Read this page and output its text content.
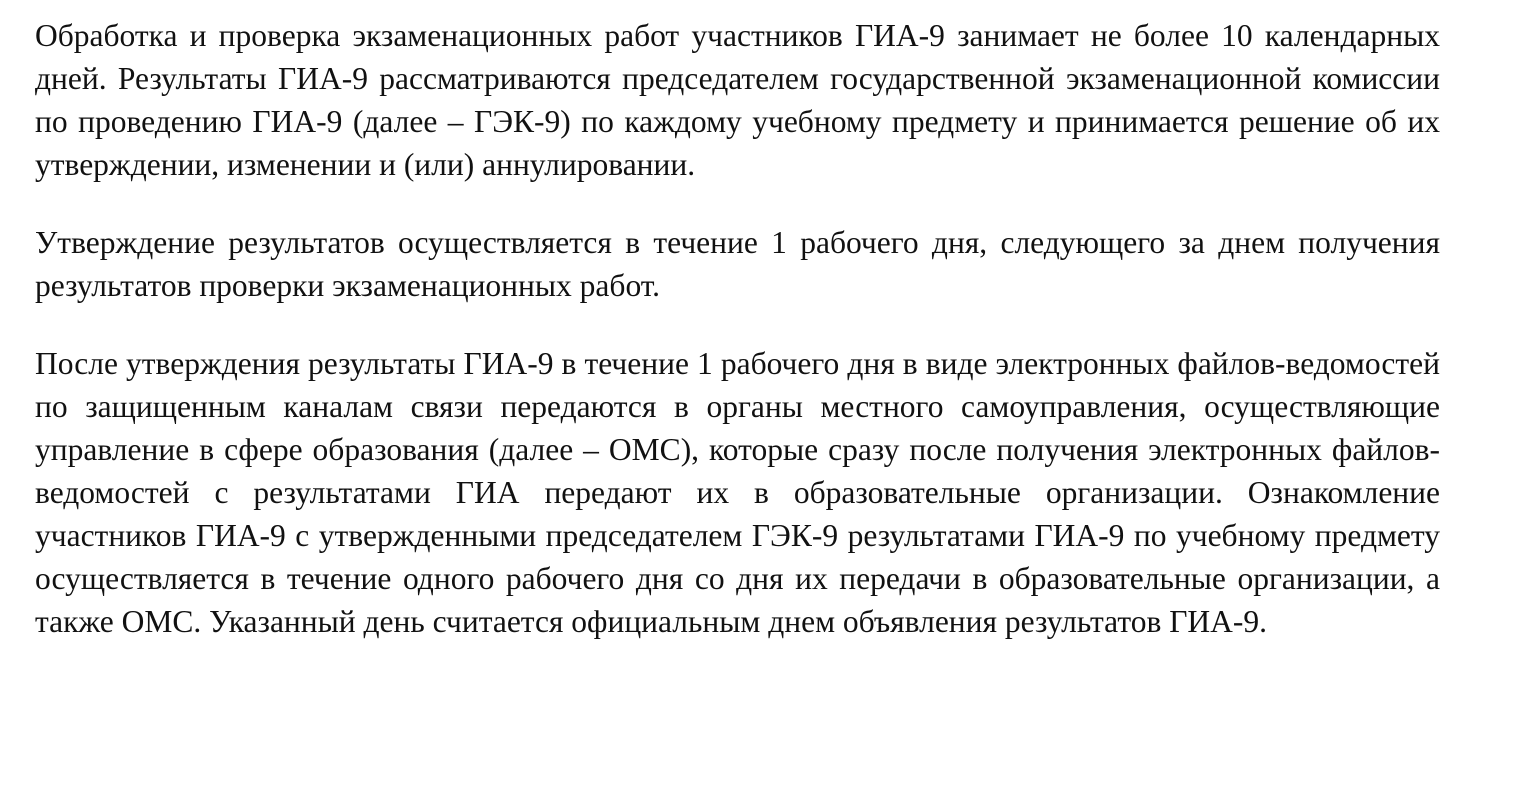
Обработка и проверка экзаменационных работ участников ГИА-9 занимает не более 10 календарных дней. Результаты ГИА-9 рассматриваются председателем государственной экзаменационной комиссии по проведению ГИА-9 (далее – ГЭК-9) по каждому учебному предмету и принимается решение об их утверждении, изменении и (или) аннулировании.

Утверждение результатов осуществляется в течение 1 рабочего дня, следующего за днем получения результатов проверки экзаменационных работ.

После утверждения результаты ГИА-9 в течение 1 рабочего дня в виде электронных файлов-ведомостей по защищенным каналам связи передаются в органы местного самоуправления, осуществляющие управление в сфере образования (далее – ОМС), которые сразу после получения электронных файлов-ведомостей с результатами ГИА передают их в образовательные организации. Ознакомление участников ГИА-9 с утвержденными председателем ГЭК-9 результатами ГИА-9 по учебному предмету осуществляется в течение одного рабочего дня со дня их передачи в образовательные организации, а также ОМС. Указанный день считается официальным днем объявления результатов ГИА-9.
